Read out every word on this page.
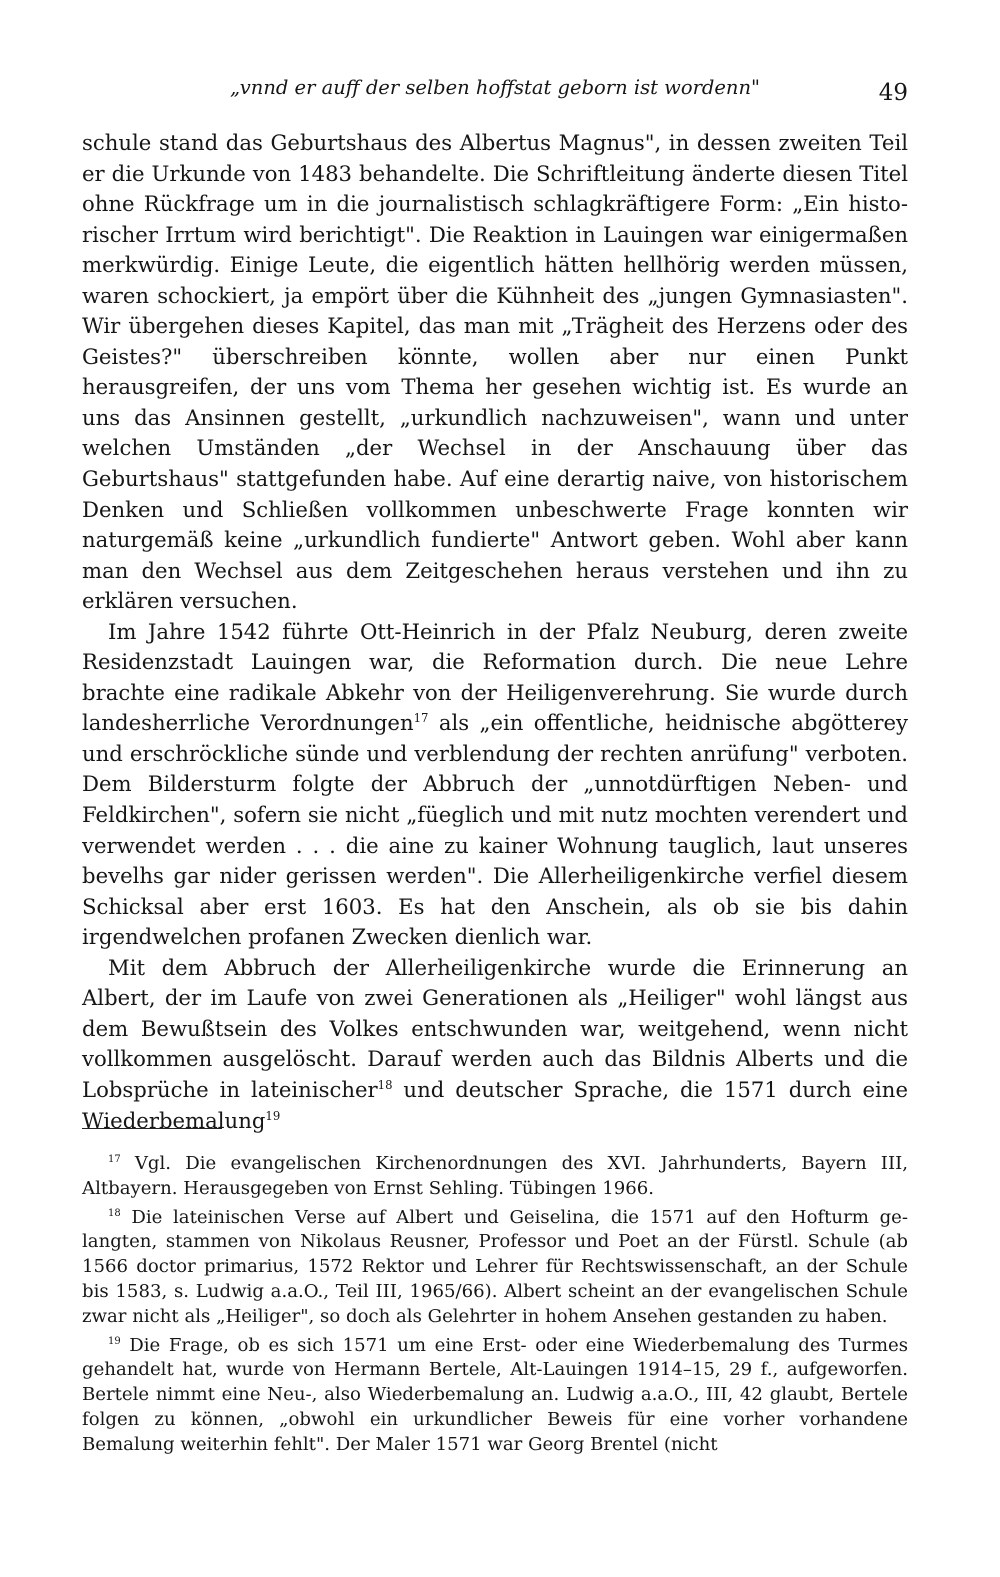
„vnnd er auff der selben hoffstat geborn ist wordenn"	49

schule stand das Geburtshaus des Albertus Magnus", in dessen zweiten Teil er die Urkunde von 1483 behandelte. Die Schriftleitung änderte diesen Titel ohne Rückfrage um in die journalistisch schlagkräftigere Form: „Ein historischer Irrtum wird berichtigt". Die Reaktion in Lauingen war einigermaßen merkwürdig. Einige Leute, die eigentlich hätten hellhörig werden müssen, waren schockiert, ja empört über die Kühnheit des „jungen Gymnasiasten". Wir übergehen dieses Kapitel, das man mit „Trägheit des Herzens oder des Geistes?" überschreiben könnte, wollen aber nur einen Punkt herausgreifen, der uns vom Thema her gesehen wichtig ist. Es wurde an uns das Ansinnen gestellt, „urkundlich nachzuweisen", wann und unter welchen Umständen „der Wechsel in der Anschauung über das Geburtshaus" stattgefunden habe. Auf eine derartig naive, von historischem Denken und Schließen vollkommen unbeschwerte Frage konnten wir naturgemäß keine „urkundlich fundierte" Antwort geben. Wohl aber kann man den Wechsel aus dem Zeitgeschehen heraus verstehen und ihn zu erklären versuchen.

Im Jahre 1542 führte Ott-Heinrich in der Pfalz Neuburg, deren zweite Residenzstadt Lauingen war, die Reformation durch. Die neue Lehre brachte eine radikale Abkehr von der Heiligenverehrung. Sie wurde durch landesherrliche Verordnungen$^{17}$ als „ein offentliche, heidnische abgötterey und erschröckliche sünde und verblendung der rechten anrüfung" verboten. Dem Bildersturm folgte der Abbruch der „unnotdürftigen Neben- und Feldkirchen", sofern sie nicht „füeglich und mit nutz mochten verendert und verwendet werden . . . die aine zu kainer Wohnung tauglich, laut unseres bevelhs gar nider gerissen werden". Die Allerheiligenkirche verfiel diesem Schicksal aber erst 1603. Es hat den Anschein, als ob sie bis dahin irgendwelchen profanen Zwecken dienlich war.

Mit dem Abbruch der Allerheiligenkirche wurde die Erinnerung an Albert, der im Laufe von zwei Generationen als „Heiliger" wohl längst aus dem Bewußtsein des Volkes entschwunden war, weitgehend, wenn nicht vollkommen ausgelöscht. Darauf werden auch das Bildnis Alberts und die Lobsprüche in lateinischer$^{18}$ und deutscher Sprache, die 1571 durch eine Wiederbemalung$^{19}$

$^{17}$ Vgl. Die evangelischen Kirchenordnungen des XVI. Jahrhunderts, Bayern III, Altbayern. Herausgegeben von Ernst Sehling. Tübingen 1966.

$^{18}$ Die lateinischen Verse auf Albert und Geiselina, die 1571 auf den Hofturm gelangten, stammen von Nikolaus Reusner, Professor und Poet an der Fürstl. Schule (ab 1566 doctor primarius, 1572 Rektor und Lehrer für Rechtswissenschaft, an der Schule bis 1583, s. Ludwig a.a.O., Teil III, 1965/66). Albert scheint an der evangelischen Schule zwar nicht als „Heiliger", so doch als Gelehrter in hohem Ansehen gestanden zu haben.

$^{19}$ Die Frage, ob es sich 1571 um eine Erst- oder eine Wiederbemalung des Turmes gehandelt hat, wurde von Hermann Bertele, Alt-Lauingen 1914–15, 29 f., aufgeworfen. Bertele nimmt eine Neu-, also Wiederbemalung an. Ludwig a.a.O., III, 42 glaubt, Bertele folgen zu können, „obwohl ein urkundlicher Beweis für eine vorher vorhandene Bemalung weiterhin fehlt". Der Maler 1571 war Georg Brentel (nicht
